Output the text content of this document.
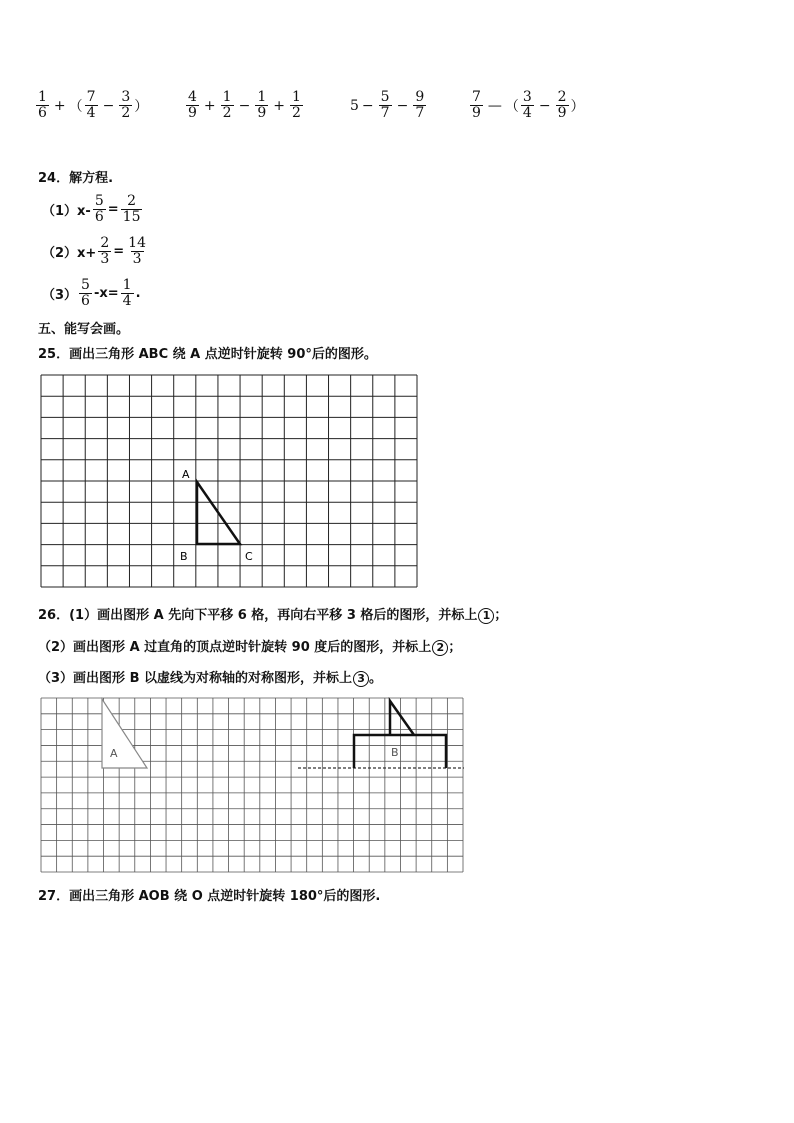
$\frac{1}{6}$ + （ $\frac{7}{4} - \frac{3}{2}$ ）	$\frac{4}{9} + \frac{1}{2} - \frac{1}{9} + \frac{1}{2}$	$5 - \frac{5}{7} - \frac{9}{7}$	$\frac{7}{9}$ — （ $\frac{3}{4} - \frac{2}{9}$ ）
24．解方程.
$(1)x- \frac{5}{6} = \frac{2}{15}$
$(2)x+ \frac{2}{3} = \frac{14}{3}$
$(3) \frac{5}{6} -x= \frac{1}{4}$ .
五、能写会画。
25．画出三角形 ABC 绕 A 点逆时针旋转 90°后的图形。
A
B	C
26．(1）画出图形 A 先向下平移 6 格，再向右平移 3 格后的图形，并标上 1 ；
（2）画出图形 A 过直角的顶点逆时针旋转 90 度后的图形，并标上 2 ；
（3）画出图形 B 以虚线为对称轴的对称图形，并标上 3 。
A	B
27．画出三角形 AOB 绕 O 点逆时针旋转 180°后的图形.
